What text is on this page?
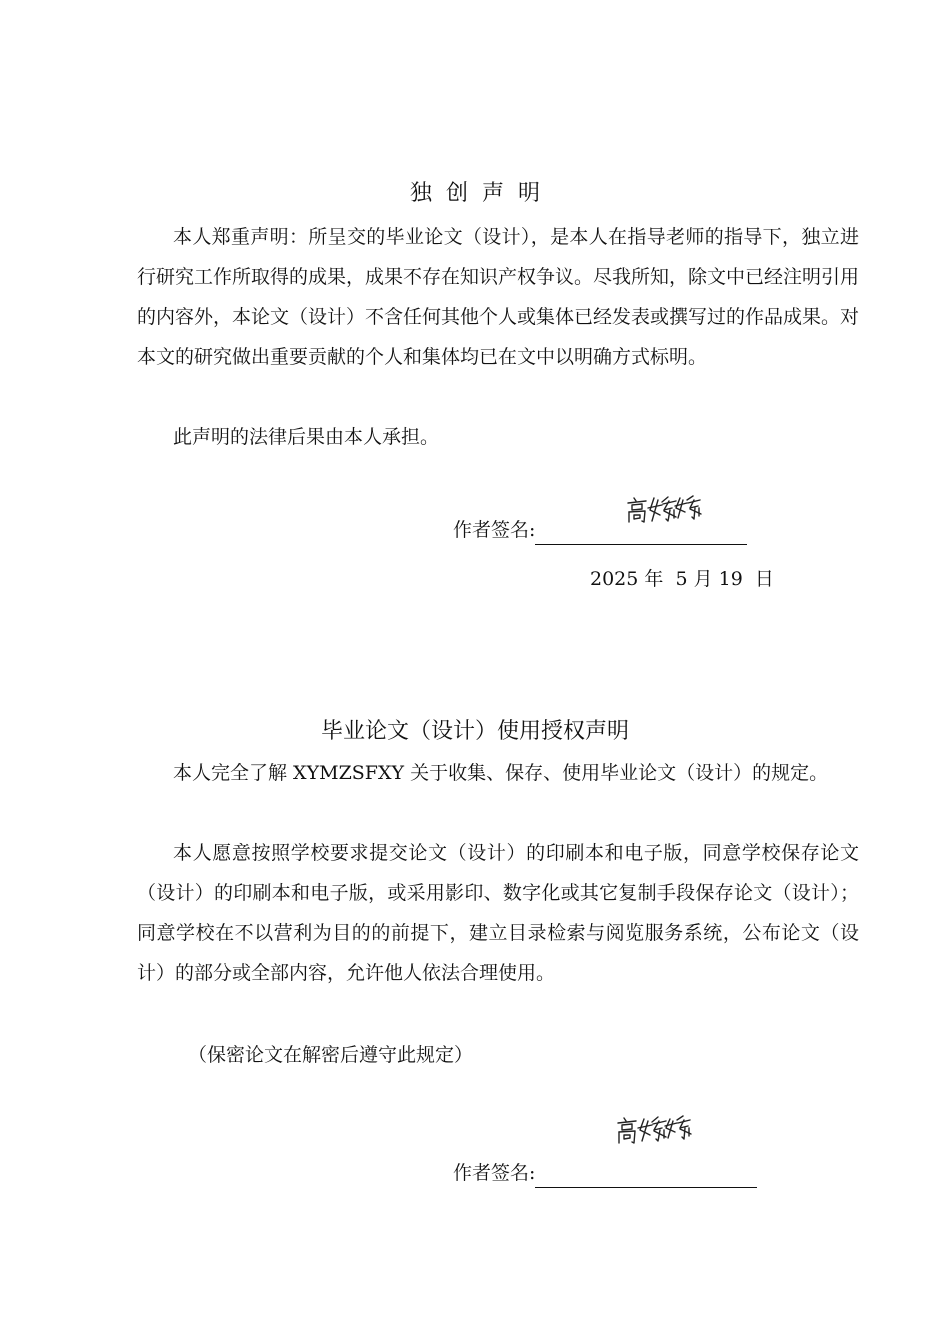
独创声明

本人郑重声明：所呈交的毕业论文（设计），是本人在指导老师的指导下，独立进行研究工作所取得的成果，成果不存在知识产权争议。尽我所知，除文中已经注明引用的内容外，本论文（设计）不含任何其他个人或集体已经发表或撰写过的作品成果。对本文的研究做出重要贡献的个人和集体均已在文中以明确方式标明。

此声明的法律后果由本人承担。

作者签名:
2025 年  5 月 19  日
毕业论文（设计）使用授权声明

本人完全了解 XYMZSFXY 关于收集、保存、使用毕业论文（设计）的规定。

本人愿意按照学校要求提交论文（设计）的印刷本和电子版，同意学校保存论文（设计）的印刷本和电子版，或采用影印、数字化或其它复制手段保存论文（设计）；同意学校在不以营利为目的的前提下，建立目录检索与阅览服务系统，公布论文（设计）的部分或全部内容，允许他人依法合理使用。

（保密论文在解密后遵守此规定）

作者签名:
